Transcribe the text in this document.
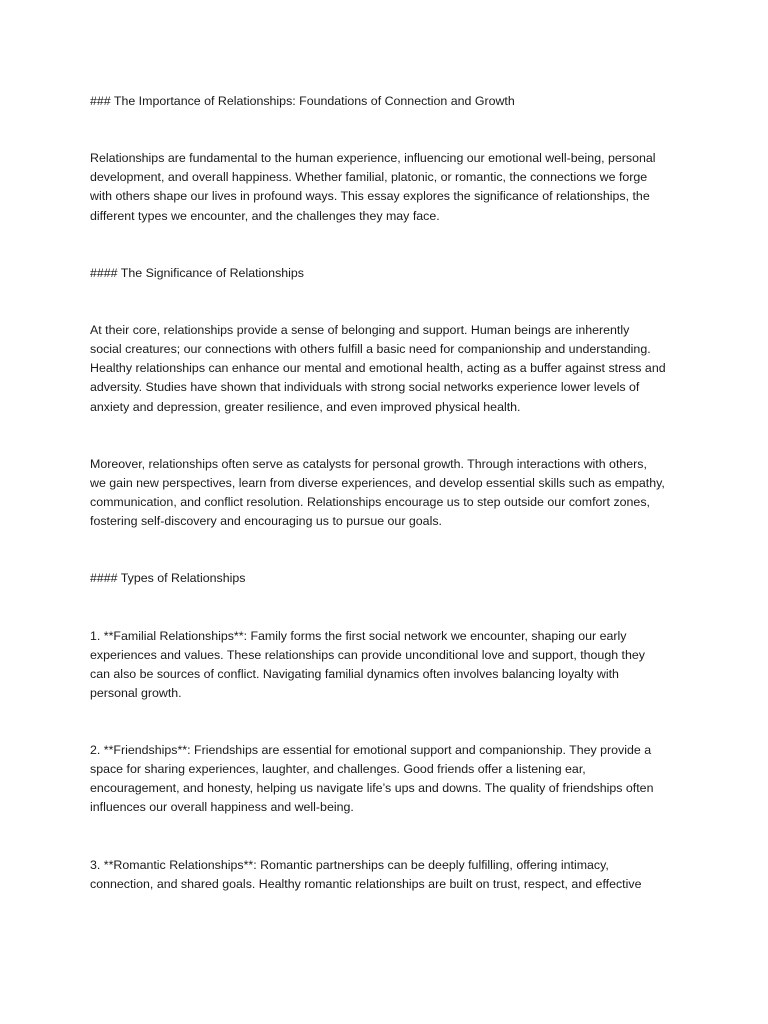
### The Importance of Relationships: Foundations of Connection and Growth
Relationships are fundamental to the human experience, influencing our emotional well-being, personal
development, and overall happiness. Whether familial, platonic, or romantic, the connections we forge
with others shape our lives in profound ways. This essay explores the significance of relationships, the
different types we encounter, and the challenges they may face.
#### The Significance of Relationships
At their core, relationships provide a sense of belonging and support. Human beings are inherently
social creatures; our connections with others fulfill a basic need for companionship and understanding.
Healthy relationships can enhance our mental and emotional health, acting as a buffer against stress and
adversity. Studies have shown that individuals with strong social networks experience lower levels of
anxiety and depression, greater resilience, and even improved physical health.
Moreover, relationships often serve as catalysts for personal growth. Through interactions with others,
we gain new perspectives, learn from diverse experiences, and develop essential skills such as empathy,
communication, and conflict resolution. Relationships encourage us to step outside our comfort zones,
fostering self-discovery and encouraging us to pursue our goals.
#### Types of Relationships
1. **Familial Relationships**: Family forms the first social network we encounter, shaping our early
experiences and values. These relationships can provide unconditional love and support, though they
can also be sources of conflict. Navigating familial dynamics often involves balancing loyalty with
personal growth.
2. **Friendships**: Friendships are essential for emotional support and companionship. They provide a
space for sharing experiences, laughter, and challenges. Good friends offer a listening ear,
encouragement, and honesty, helping us navigate life’s ups and downs. The quality of friendships often
influences our overall happiness and well-being.
3. **Romantic Relationships**: Romantic partnerships can be deeply fulfilling, offering intimacy,
connection, and shared goals. Healthy romantic relationships are built on trust, respect, and effective
